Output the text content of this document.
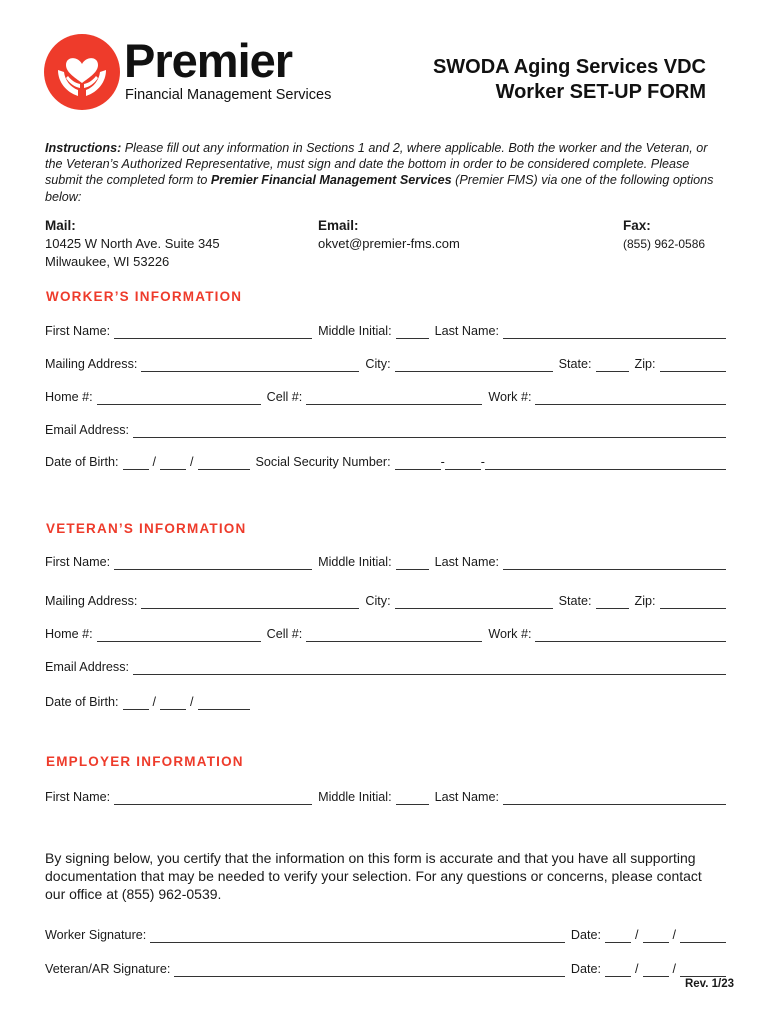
Premier
Financial Management Services
SWODA Aging Services VDC
Worker SET-UP FORM
Instructions: Please fill out any information in Sections 1 and 2, where applicable. Both the worker and the Veteran, or the Veteran’s Authorized Representative, must sign and date the bottom in order to be considered complete. Please submit the completed form to Premier Financial Management Services (Premier FMS) via one of the following options below:
Mail:
10425 W North Ave. Suite 345
Milwaukee, WI 53226
Email:
okvet@premier-fms.com
Fax:
(855) 962-0586
WORKER’S INFORMATION
First Name:	Middle Initial:	Last Name:
Mailing Address:	City:	State:	Zip:
Home #:	Cell #:	Work #:
Email Address:
Date of Birth:	/	/	Social Security Number:	-	-
VETERAN’S INFORMATION
First Name:	Middle Initial:	Last Name:
Mailing Address:	City:	State:	Zip:
Home #:	Cell #:	Work #:
Email Address:
Date of Birth:	/	/
EMPLOYER INFORMATION
First Name:	Middle Initial:	Last Name:
By signing below, you certify that the information on this form is accurate and that you have all supporting documentation that may be needed to verify your selection. For any questions or concerns, please contact our office at (855) 962-0539.
Worker Signature:	Date:	/	/
Veteran/AR Signature:	Date:	/	/
Rev. 1/23
